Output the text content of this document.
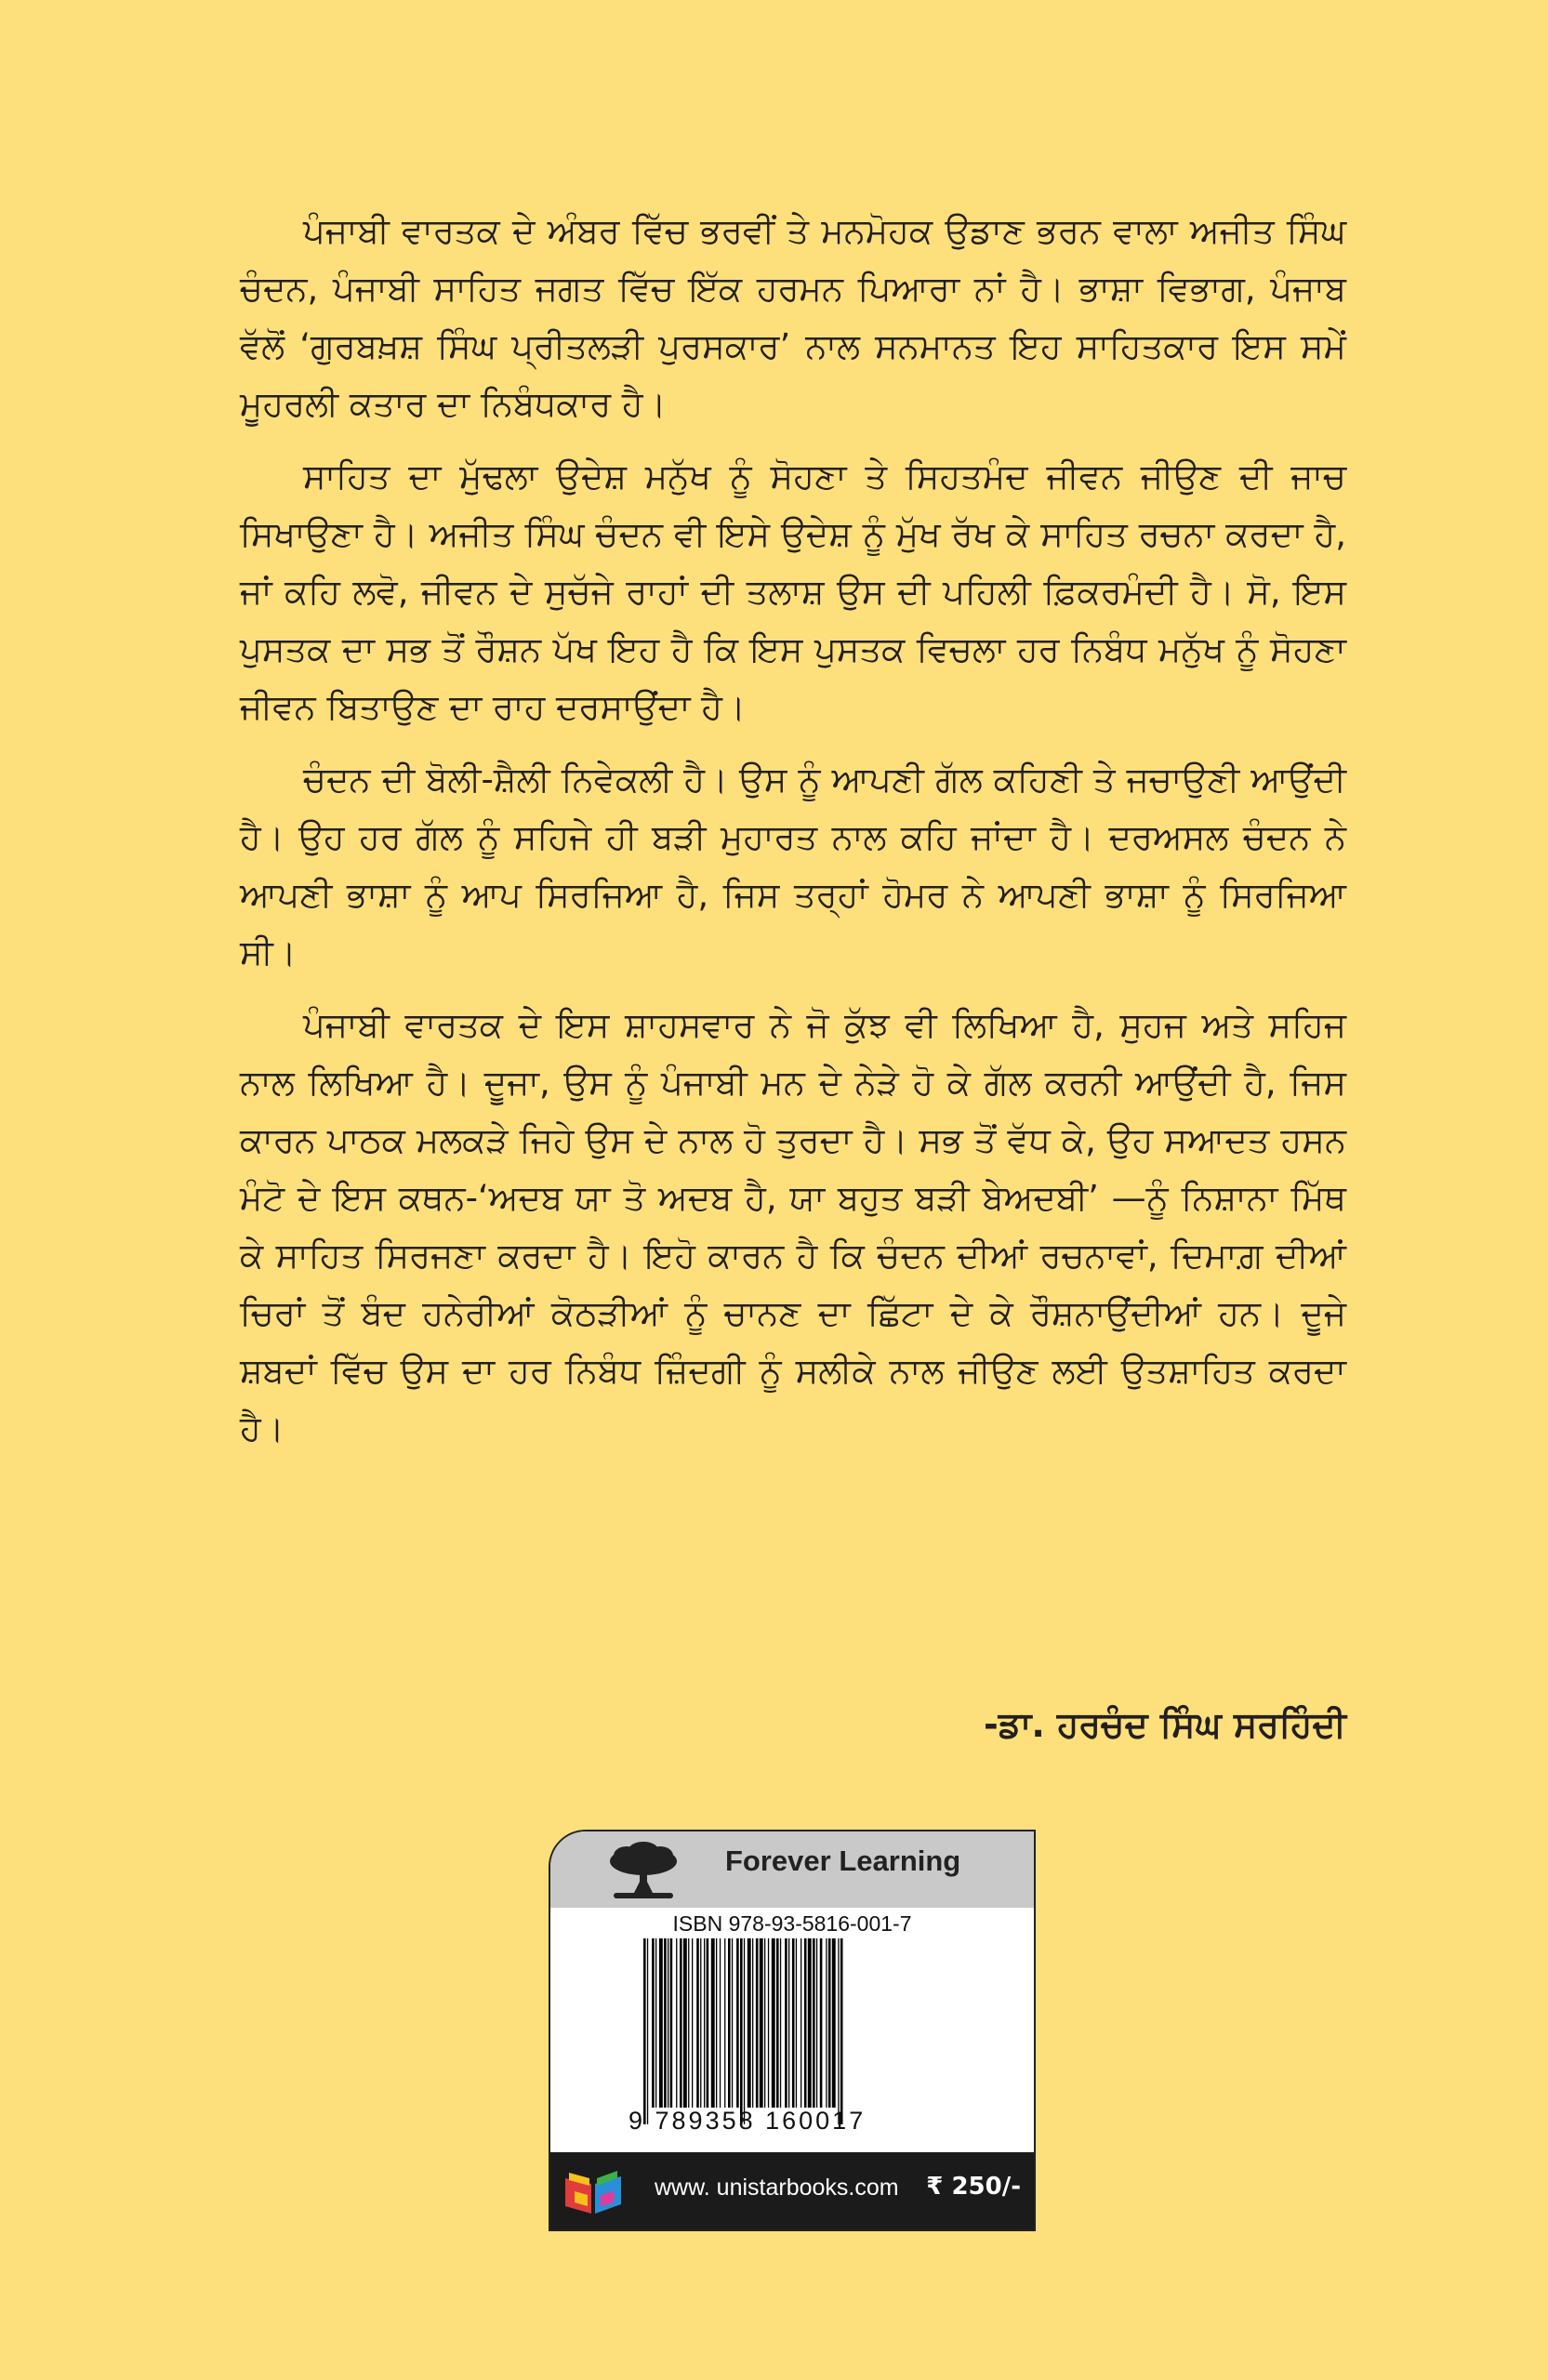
ਪੰਜਾਬੀ ਵਾਰਤਕ ਦੇ ਅੰਬਰ ਵਿੱਚ ਭਰਵੀਂ ਤੇ ਮਨਮੋਹਕ ਉਡਾਣ ਭਰਨ ਵਾਲਾ ਅਜੀਤ ਸਿੰਘ ਚੰਦਨ, ਪੰਜਾਬੀ ਸਾਹਿਤ ਜਗਤ ਵਿੱਚ ਇੱਕ ਹਰਮਨ ਪਿਆਰਾ ਨਾਂ ਹੈ। ਭਾਸ਼ਾ ਵਿਭਾਗ, ਪੰਜਾਬ ਵੱਲੋਂ ‘ਗੁਰਬਖ਼ਸ਼ ਸਿੰਘ ਪ੍ਰੀਤਲੜੀ ਪੁਰਸਕਾਰ’ ਨਾਲ ਸਨਮਾਨਤ ਇਹ ਸਾਹਿਤਕਾਰ ਇਸ ਸਮੇਂ ਮੂਹਰਲੀ ਕਤਾਰ ਦਾ ਨਿਬੰਧਕਾਰ ਹੈ।

ਸਾਹਿਤ ਦਾ ਮੁੱਢਲਾ ਉਦੇਸ਼ ਮਨੁੱਖ ਨੂੰ ਸੋਹਣਾ ਤੇ ਸਿਹਤਮੰਦ ਜੀਵਨ ਜੀਉਣ ਦੀ ਜਾਚ ਸਿਖਾਉਣਾ ਹੈ। ਅਜੀਤ ਸਿੰਘ ਚੰਦਨ ਵੀ ਇਸੇ ਉਦੇਸ਼ ਨੂੰ ਮੁੱਖ ਰੱਖ ਕੇ ਸਾਹਿਤ ਰਚਨਾ ਕਰਦਾ ਹੈ, ਜਾਂ ਕਹਿ ਲਵੋ, ਜੀਵਨ ਦੇ ਸੁਚੱਜੇ ਰਾਹਾਂ ਦੀ ਤਲਾਸ਼ ਉਸ ਦੀ ਪਹਿਲੀ ਫ਼ਿਕਰਮੰਦੀ ਹੈ। ਸੋ, ਇਸ ਪੁਸਤਕ ਦਾ ਸਭ ਤੋਂ ਰੌਸ਼ਨ ਪੱਖ ਇਹ ਹੈ ਕਿ ਇਸ ਪੁਸਤਕ ਵਿਚਲਾ ਹਰ ਨਿਬੰਧ ਮਨੁੱਖ ਨੂੰ ਸੋਹਣਾ ਜੀਵਨ ਬਿਤਾਉਣ ਦਾ ਰਾਹ ਦਰਸਾਉਂਦਾ ਹੈ।

ਚੰਦਨ ਦੀ ਬੋਲੀ-ਸ਼ੈਲੀ ਨਿਵੇਕਲੀ ਹੈ। ਉਸ ਨੂੰ ਆਪਣੀ ਗੱਲ ਕਹਿਣੀ ਤੇ ਜਚਾਉਣੀ ਆਉਂਦੀ ਹੈ। ਉਹ ਹਰ ਗੱਲ ਨੂੰ ਸਹਿਜੇ ਹੀ ਬੜੀ ਮੁਹਾਰਤ ਨਾਲ ਕਹਿ ਜਾਂਦਾ ਹੈ। ਦਰਅਸਲ ਚੰਦਨ ਨੇ ਆਪਣੀ ਭਾਸ਼ਾ ਨੂੰ ਆਪ ਸਿਰਜਿਆ ਹੈ, ਜਿਸ ਤਰ੍ਹਾਂ ਹੋਮਰ ਨੇ ਆਪਣੀ ਭਾਸ਼ਾ ਨੂੰ ਸਿਰਜਿਆ ਸੀ।

ਪੰਜਾਬੀ ਵਾਰਤਕ ਦੇ ਇਸ ਸ਼ਾਹਸਵਾਰ ਨੇ ਜੋ ਕੁੱਝ ਵੀ ਲਿਖਿਆ ਹੈ, ਸੁਹਜ ਅਤੇ ਸਹਿਜ ਨਾਲ ਲਿਖਿਆ ਹੈ। ਦੂਜਾ, ਉਸ ਨੂੰ ਪੰਜਾਬੀ ਮਨ ਦੇ ਨੇੜੇ ਹੋ ਕੇ ਗੱਲ ਕਰਨੀ ਆਉਂਦੀ ਹੈ, ਜਿਸ ਕਾਰਨ ਪਾਠਕ ਮਲਕੜੇ ਜਿਹੇ ਉਸ ਦੇ ਨਾਲ ਹੋ ਤੁਰਦਾ ਹੈ। ਸਭ ਤੋਂ ਵੱਧ ਕੇ, ਉਹ ਸਆਦਤ ਹਸਨ ਮੰਟੋ ਦੇ ਇਸ ਕਥਨ-‘ਅਦਬ ਯਾ ਤੋ ਅਦਬ ਹੈ, ਯਾ ਬਹੁਤ ਬੜੀ ਬੇਅਦਬੀ’ —ਨੂੰ ਨਿਸ਼ਾਨਾ ਮਿੱਥ ਕੇ ਸਾਹਿਤ ਸਿਰਜਣਾ ਕਰਦਾ ਹੈ। ਇਹੋ ਕਾਰਨ ਹੈ ਕਿ ਚੰਦਨ ਦੀਆਂ ਰਚਨਾਵਾਂ, ਦਿਮਾਗ਼ ਦੀਆਂ ਚਿਰਾਂ ਤੋਂ ਬੰਦ ਹਨੇਰੀਆਂ ਕੋਠੜੀਆਂ ਨੂੰ ਚਾਨਣ ਦਾ ਛਿੱਟਾ ਦੇ ਕੇ ਰੌਸ਼ਨਾਉਂਦੀਆਂ ਹਨ। ਦੂਜੇ ਸ਼ਬਦਾਂ ਵਿੱਚ ਉਸ ਦਾ ਹਰ ਨਿਬੰਧ ਜ਼ਿੰਦਗੀ ਨੂੰ ਸਲੀਕੇ ਨਾਲ ਜੀਉਣ ਲਈ ਉਤਸ਼ਾਹਿਤ ਕਰਦਾ ਹੈ।

-ਡਾ. ਹਰਚੰਦ ਸਿੰਘ ਸਰਹਿੰਦੀ
Forever Learning
ISBN 978-93-5816-001-7
9 789358 160017
www. unistarbooks.com ₹ 250/-
